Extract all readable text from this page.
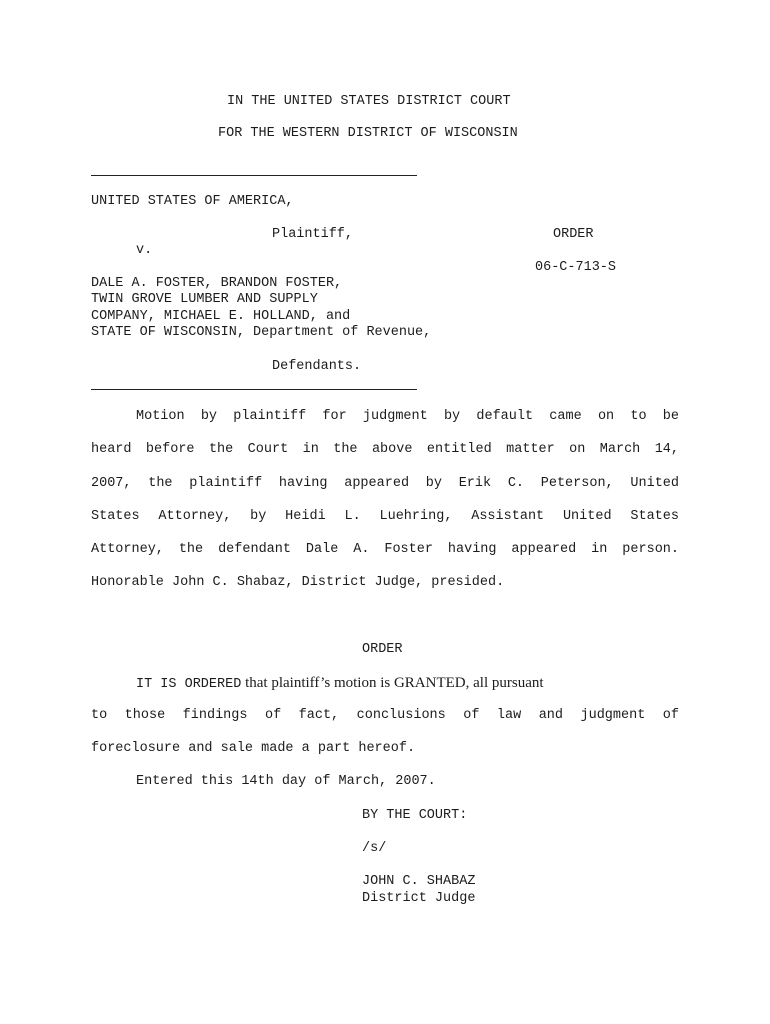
IN THE UNITED STATES DISTRICT COURT
FOR THE WESTERN DISTRICT OF WISCONSIN
UNITED STATES OF AMERICA,
Plaintiff,	ORDER
v.
06-C-713-S
DALE A. FOSTER, BRANDON FOSTER,
TWIN GROVE LUMBER AND SUPPLY
COMPANY, MICHAEL E. HOLLAND, and
STATE OF WISCONSIN, Department of Revenue,
Defendants.
Motion by plaintiff for judgment by default came on to be
heard before the Court in the above entitled matter on March 14,
2007, the plaintiff having appeared by Erik C. Peterson, United
States Attorney, by Heidi L. Luehring, Assistant United States
Attorney, the defendant Dale A. Foster having appeared in person.
Honorable John C. Shabaz, District Judge, presided.
ORDER
IT IS ORDERED that plaintiff’s motion is GRANTED, all pursuant
to those findings of fact, conclusions of law and judgment of
foreclosure and sale made a part hereof.
Entered this 14th day of March, 2007.
BY THE COURT:
/s/
JOHN C. SHABAZ
District Judge
